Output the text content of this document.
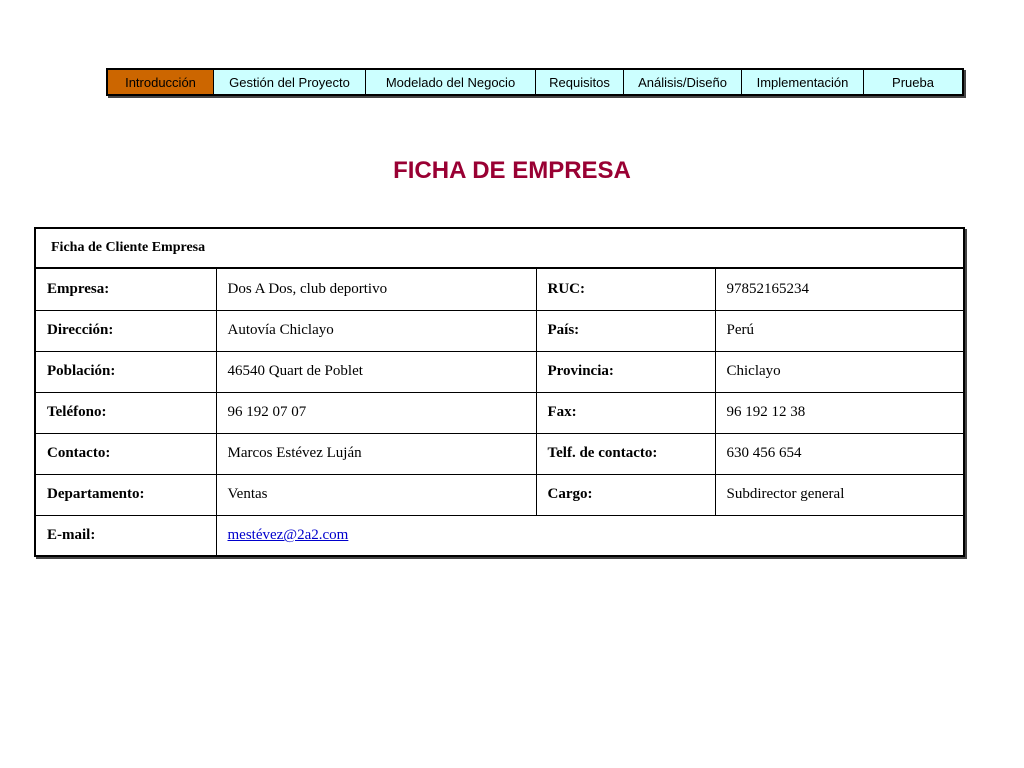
Introducción	Gestión del Proyecto	Modelado del Negocio	Requisitos	Análisis/Diseño	Implementación	Prueba
FICHA DE EMPRESA
Ficha de Cliente Empresa
Empresa:	Dos A Dos, club deportivo	RUC:	97852165234
Dirección:	Autovía Chiclayo	País:	Perú
Población:	46540 Quart de Poblet	Provincia:	Chiclayo
Teléfono:	96 192 07 07	Fax:	96 192 12 38
Contacto:	Marcos Estévez Luján	Telf. de contacto:	630 456 654
Departamento:	Ventas	Cargo:	Subdirector general
E-mail:	mestévez@2a2.com		
